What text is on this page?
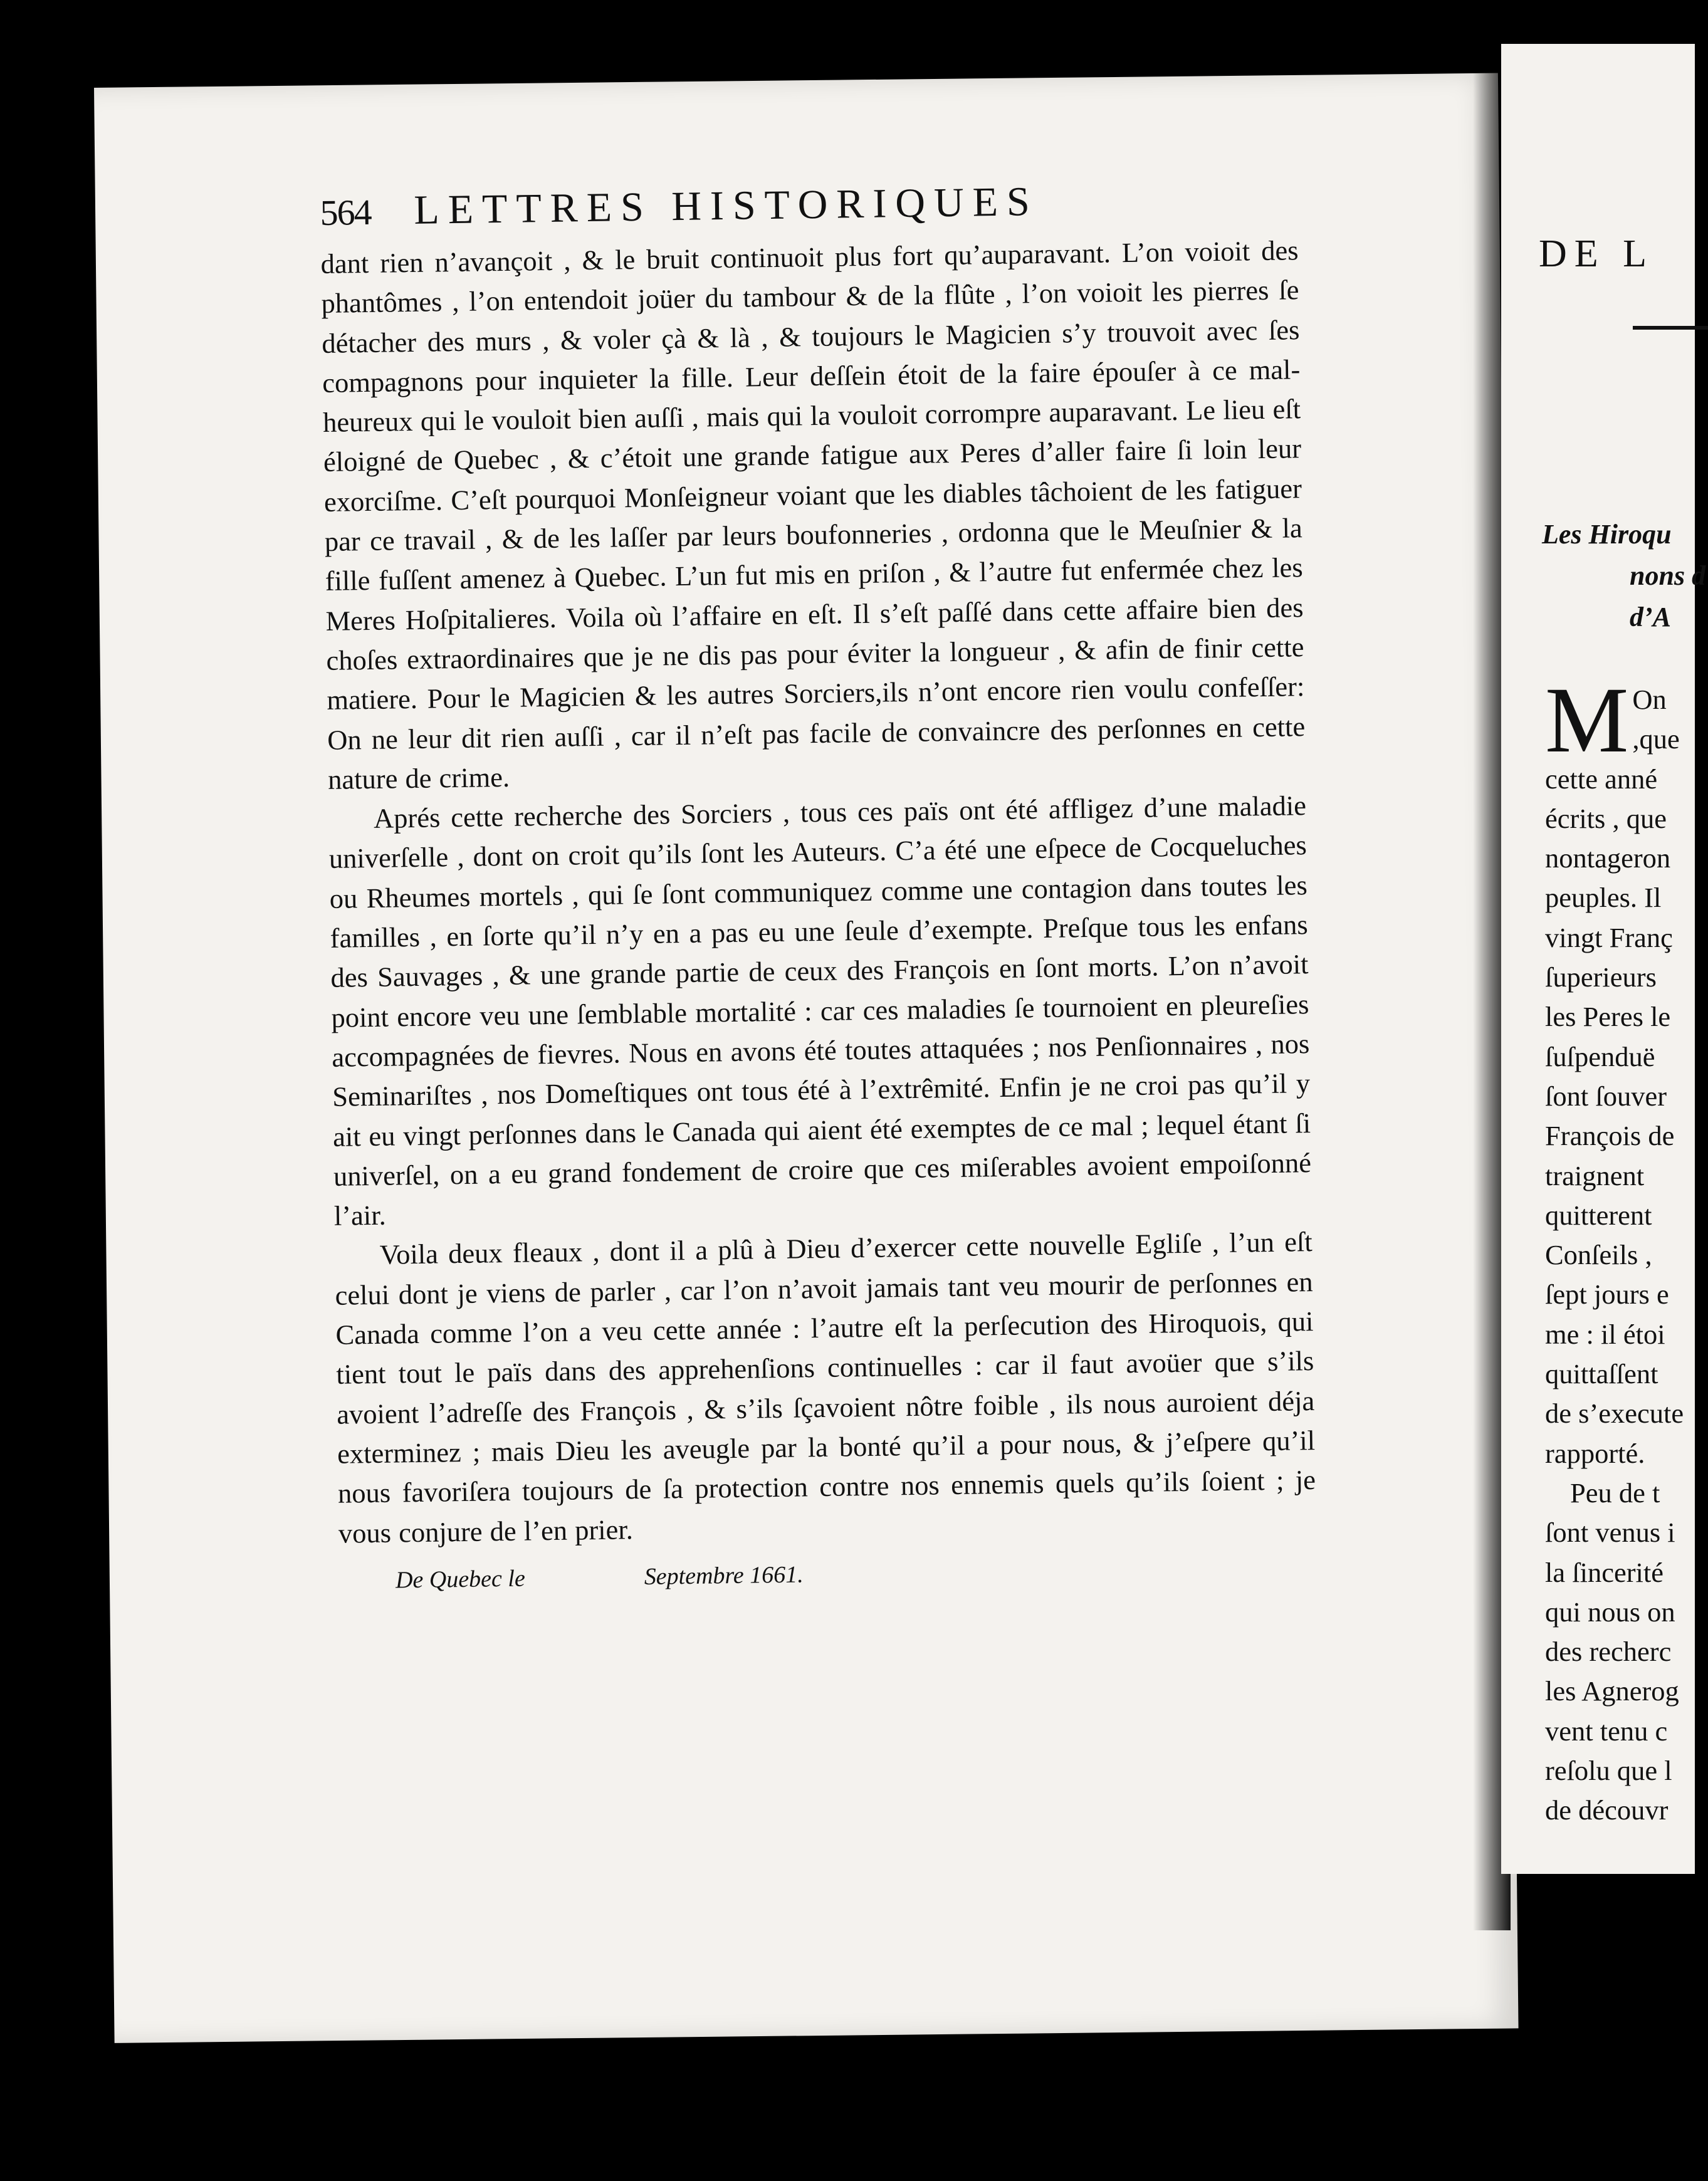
DE L
Les Hiroqu
nons d
d’A
M On
,que
cette anné
écrits , que
nontageron
peuples. Il
vingt Franç
ſuperieurs
les Peres le
ſuſpenduë
ſont ſouver
François de
traignent
quitterent
Conſeils ,
ſept jours e
me : il étoi
quittaſſent
de s’execute
rapporté.
Peu de t
ſont venus i
la ſincerité
qui nous on
des recherc
les Agnerog
vent tenu c
reſolu que l
de découvr
564	LETTRES HISTORIQUES

dant rien n’avançoit , & le bruit continuoit plus fort qu’auparavant. L’on voioit des phantômes , l’on entendoit joüer du tambour & de la flûte , l’on voioit les pierres ſe détacher des murs , & voler çà & là , & toujours le Magicien s’y trouvoit avec ſes compagnons pour inquieter la fille. Leur deſſein étoit de la faire épouſer à ce mal-heureux qui le vouloit bien auſſi , mais qui la vouloit corrompre auparavant. Le lieu eſt éloigné de Quebec , & c’étoit une grande fatigue aux Peres d’aller faire ſi loin leur exorciſme. C’eſt pourquoi Monſeigneur voiant que les diables tâchoient de les fatiguer par ce travail , & de les laſſer par leurs boufonneries , ordonna que le Meuſnier & la fille fuſſent amenez à Quebec. L’un fut mis en priſon , & l’autre fut enfermée chez les Meres Hoſpitalieres. Voila où l’affaire en eſt. Il s’eſt paſſé dans cette affaire bien des choſes extraordinaires que je ne dis pas pour éviter la longueur , & afin de finir cette matiere. Pour le Magicien & les autres Sorciers,ils n’ont encore rien voulu confeſſer: On ne leur dit rien auſſi , car il n’eſt pas facile de convaincre des perſonnes en cette nature de crime.

Aprés cette recherche des Sorciers , tous ces païs ont été affligez d’une maladie univerſelle , dont on croit qu’ils ſont les Auteurs. C’a été une eſpece de Cocqueluches ou Rheumes mortels , qui ſe ſont communiquez comme une contagion dans toutes les familles , en ſorte qu’il n’y en a pas eu une ſeule d’exempte. Preſque tous les enfans des Sauvages , & une grande partie de ceux des François en ſont morts. L’on n’avoit point encore veu une ſemblable mortalité : car ces maladies ſe tournoient en pleureſies accompagnées de fievres. Nous en avons été toutes attaquées ; nos Penſionnaires , nos Seminariſtes , nos Domeſtiques ont tous été à l’extrêmité. Enfin je ne croi pas qu’il y ait eu vingt perſonnes dans le Canada qui aient été exemptes de ce mal ; lequel étant ſi univerſel, on a eu grand fondement de croire que ces miſerables avoient empoiſonné l’air.

Voila deux fleaux , dont il a plû à Dieu d’exercer cette nouvelle Egliſe , l’un eſt celui dont je viens de parler , car l’on n’avoit jamais tant veu mourir de perſonnes en Canada comme l’on a veu cette année : l’autre eſt la perſecution des Hiroquois, qui tient tout le païs dans des apprehenſions continuelles : car il faut avoüer que s’ils avoient l’adreſſe des François , & s’ils ſçavoient nôtre foible , ils nous auroient déja exterminez ; mais Dieu les aveugle par la bonté qu’il a pour nous, & j’eſpere qu’il nous favoriſera toujours de ſa protection contre nos ennemis quels qu’ils ſoient ; je vous conjure de l’en prier.

De Quebec le	Septembre 1661.
